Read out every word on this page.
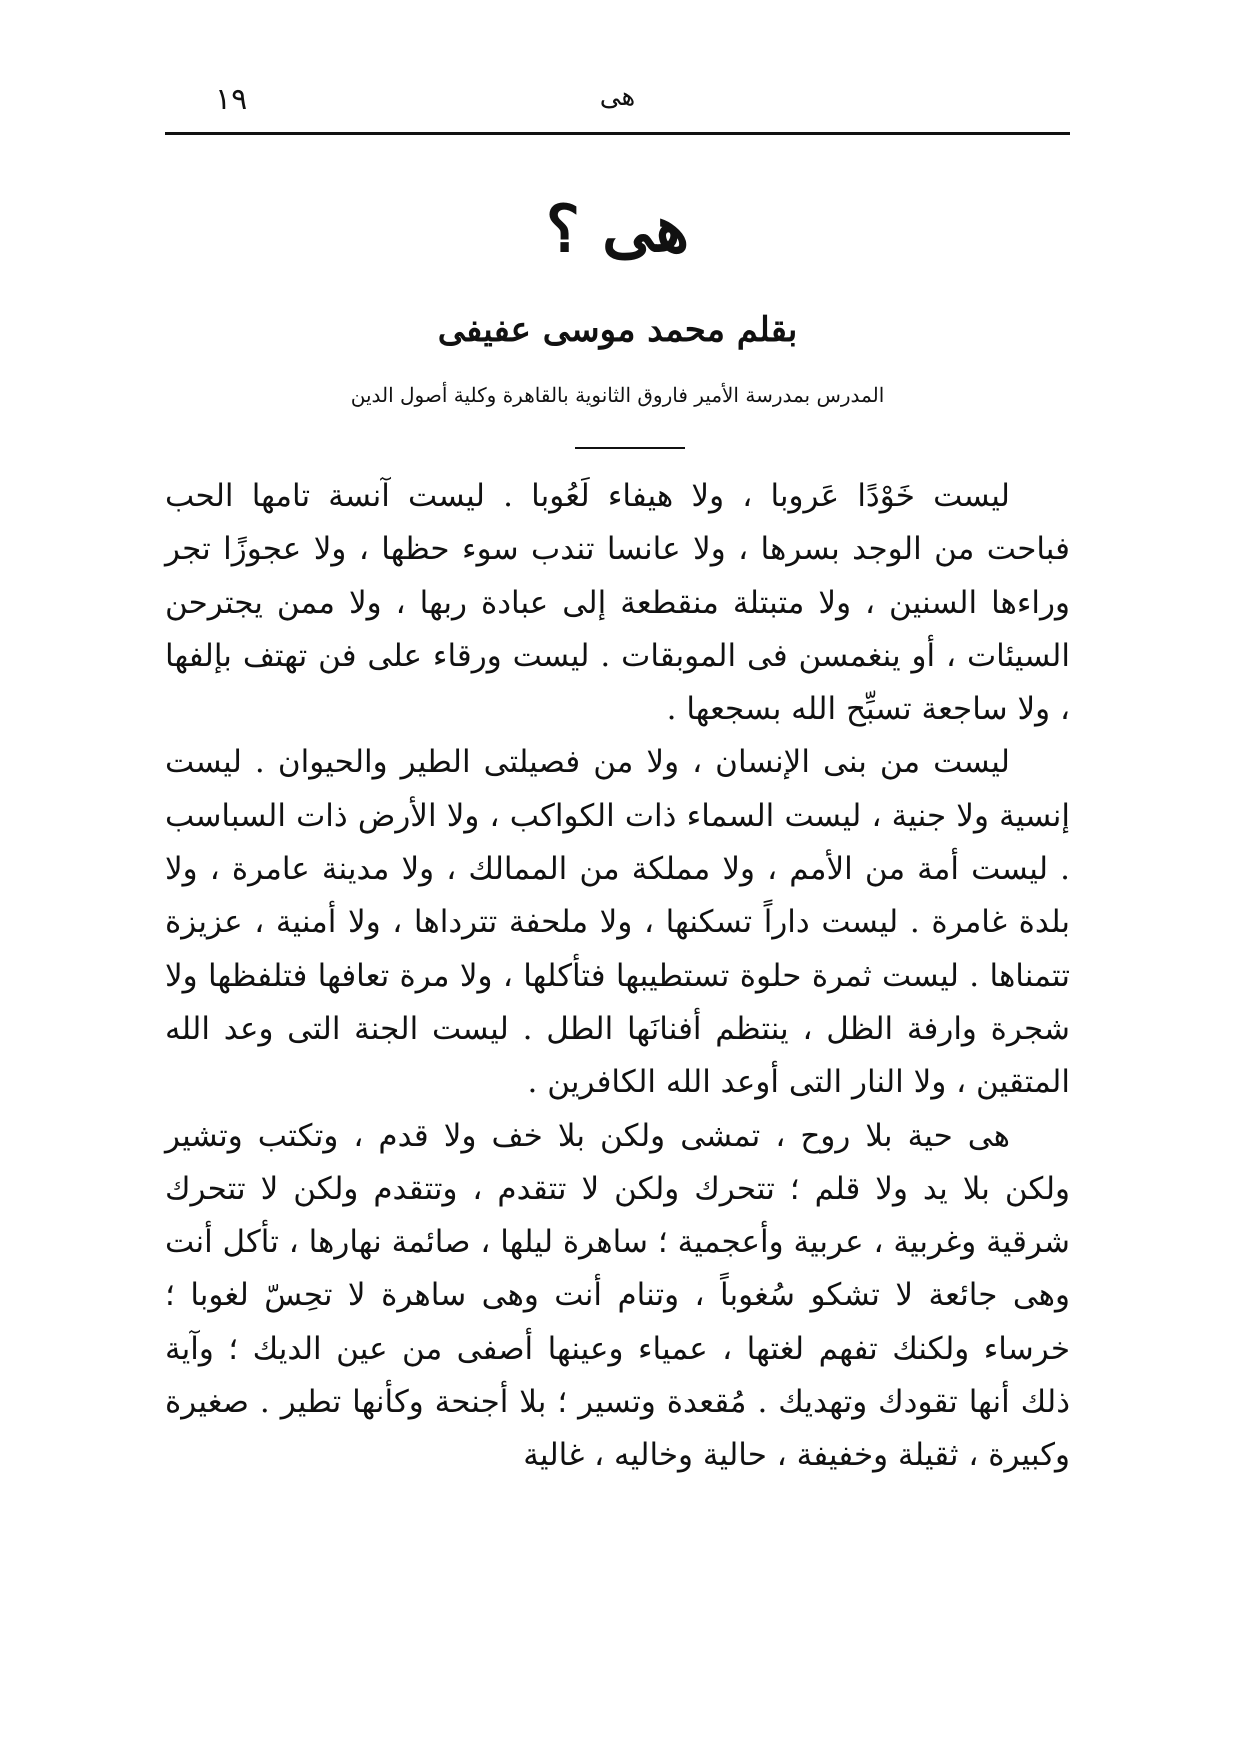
هى
١٩
هى ؟
بقلم محمد موسى عفيفى
المدرس بمدرسة الأمير فاروق الثانوية بالقاهرة وكلية أصول الدين

ليست خَوْدًا عَروبا ، ولا هيفاء لَعُوبا . ليست آنسة تامها الحب فباحت من الوجد بسرها ، ولا عانسا تندب سوء حظها ، ولا عجوزًا تجر وراءها السنين ، ولا متبتلة منقطعة إلى عبادة ربها ، ولا ممن يجترحن السيئات ، أو ينغمسن فى الموبقات . ليست ورقاء على فن تهتف بإلفها ، ولا ساجعة تسبِّح الله بسجعها .

ليست من بنى الإنسان ، ولا من فصيلتى الطير والحيوان . ليست إنسية ولا جنية ، ليست السماء ذات الكواكب ، ولا الأرض ذات السباسب . ليست أمة من الأمم ، ولا مملكة من الممالك ، ولا مدينة عامرة ، ولا بلدة غامرة . ليست داراً تسكنها ، ولا ملحفة تترداها ، ولا أمنية ، عزيزة تتمناها . ليست ثمرة حلوة تستطيبها فتأكلها ، ولا مرة تعافها فتلفظها ولا شجرة وارفة الظل ، ينتظم أفنانَها الطل . ليست الجنة التى وعد الله المتقين ، ولا النار التى أوعد الله الكافرين .

هى حية بلا روح ، تمشى ولكن بلا خف ولا قدم ، وتكتب وتشير ولكن بلا يد ولا قلم ؛ تتحرك ولكن لا تتقدم ، وتتقدم ولكن لا تتحرك شرقية وغربية ، عربية وأعجمية ؛ ساهرة ليلها ، صائمة نهارها ، تأكل أنت وهى جائعة لا تشكو سُغوباً ، وتنام أنت وهى ساهرة لا تحِسّ لغوبا ؛ خرساء ولكنك تفهم لغتها ، عمياء وعينها أصفى من عين الديك ؛ وآية ذلك أنها تقودك وتهديك . مُقعدة وتسير ؛ بلا أجنحة وكأنها تطير . صغيرة وكبيرة ، ثقيلة وخفيفة ، حالية وخاليه ، غالية
